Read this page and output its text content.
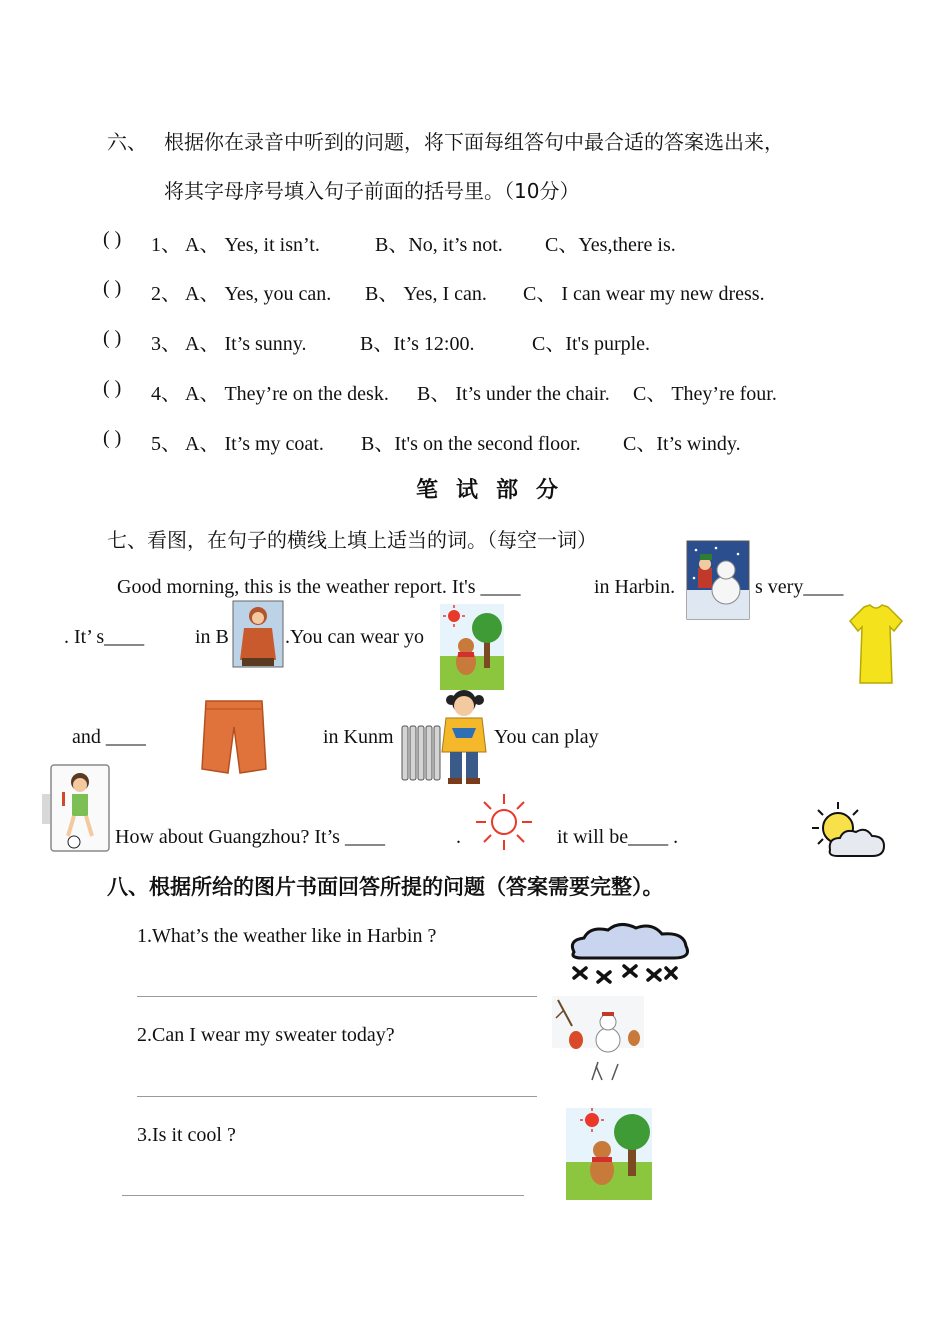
六、 根据你在录音中听到的问题，将下面每组答句中最合适的答案选出来，
将其字母序号填入句子前面的括号里。（10分）
( ) 1、 A、 Yes, it isn’t.	B、No, it’s not. C、Yes,there is.
( ) 2、 A、 Yes, you can. B、 Yes, I can. C、 I can wear my new dress.
( ) 3、 A、 It’s sunny.	B、It’s 12:00.	C、It's purple.
( ) 4、 A、 They’re on the desk. B、 It’s under the chair. C、 They’re four.
( ) 5、 A、 It’s my coat. B、It's on the second floor. C、It’s windy.
笔试部分
七、看图，在句子的横线上填上适当的词。（每空一词）
Good morning, this is the weather report. It's ____	in Harbin.	s very____
. It’ s____	in B	.You can wear yo
and ____	in Kunm	You can play
How about Guangzhou? It’s ____	.	it will be____ .
八、根据所给的图片书面回答所提的问题（答案需要完整）。
1.What’s the weather like in Harbin ?
2.Can I wear my sweater today?
3.Is it cool ?
